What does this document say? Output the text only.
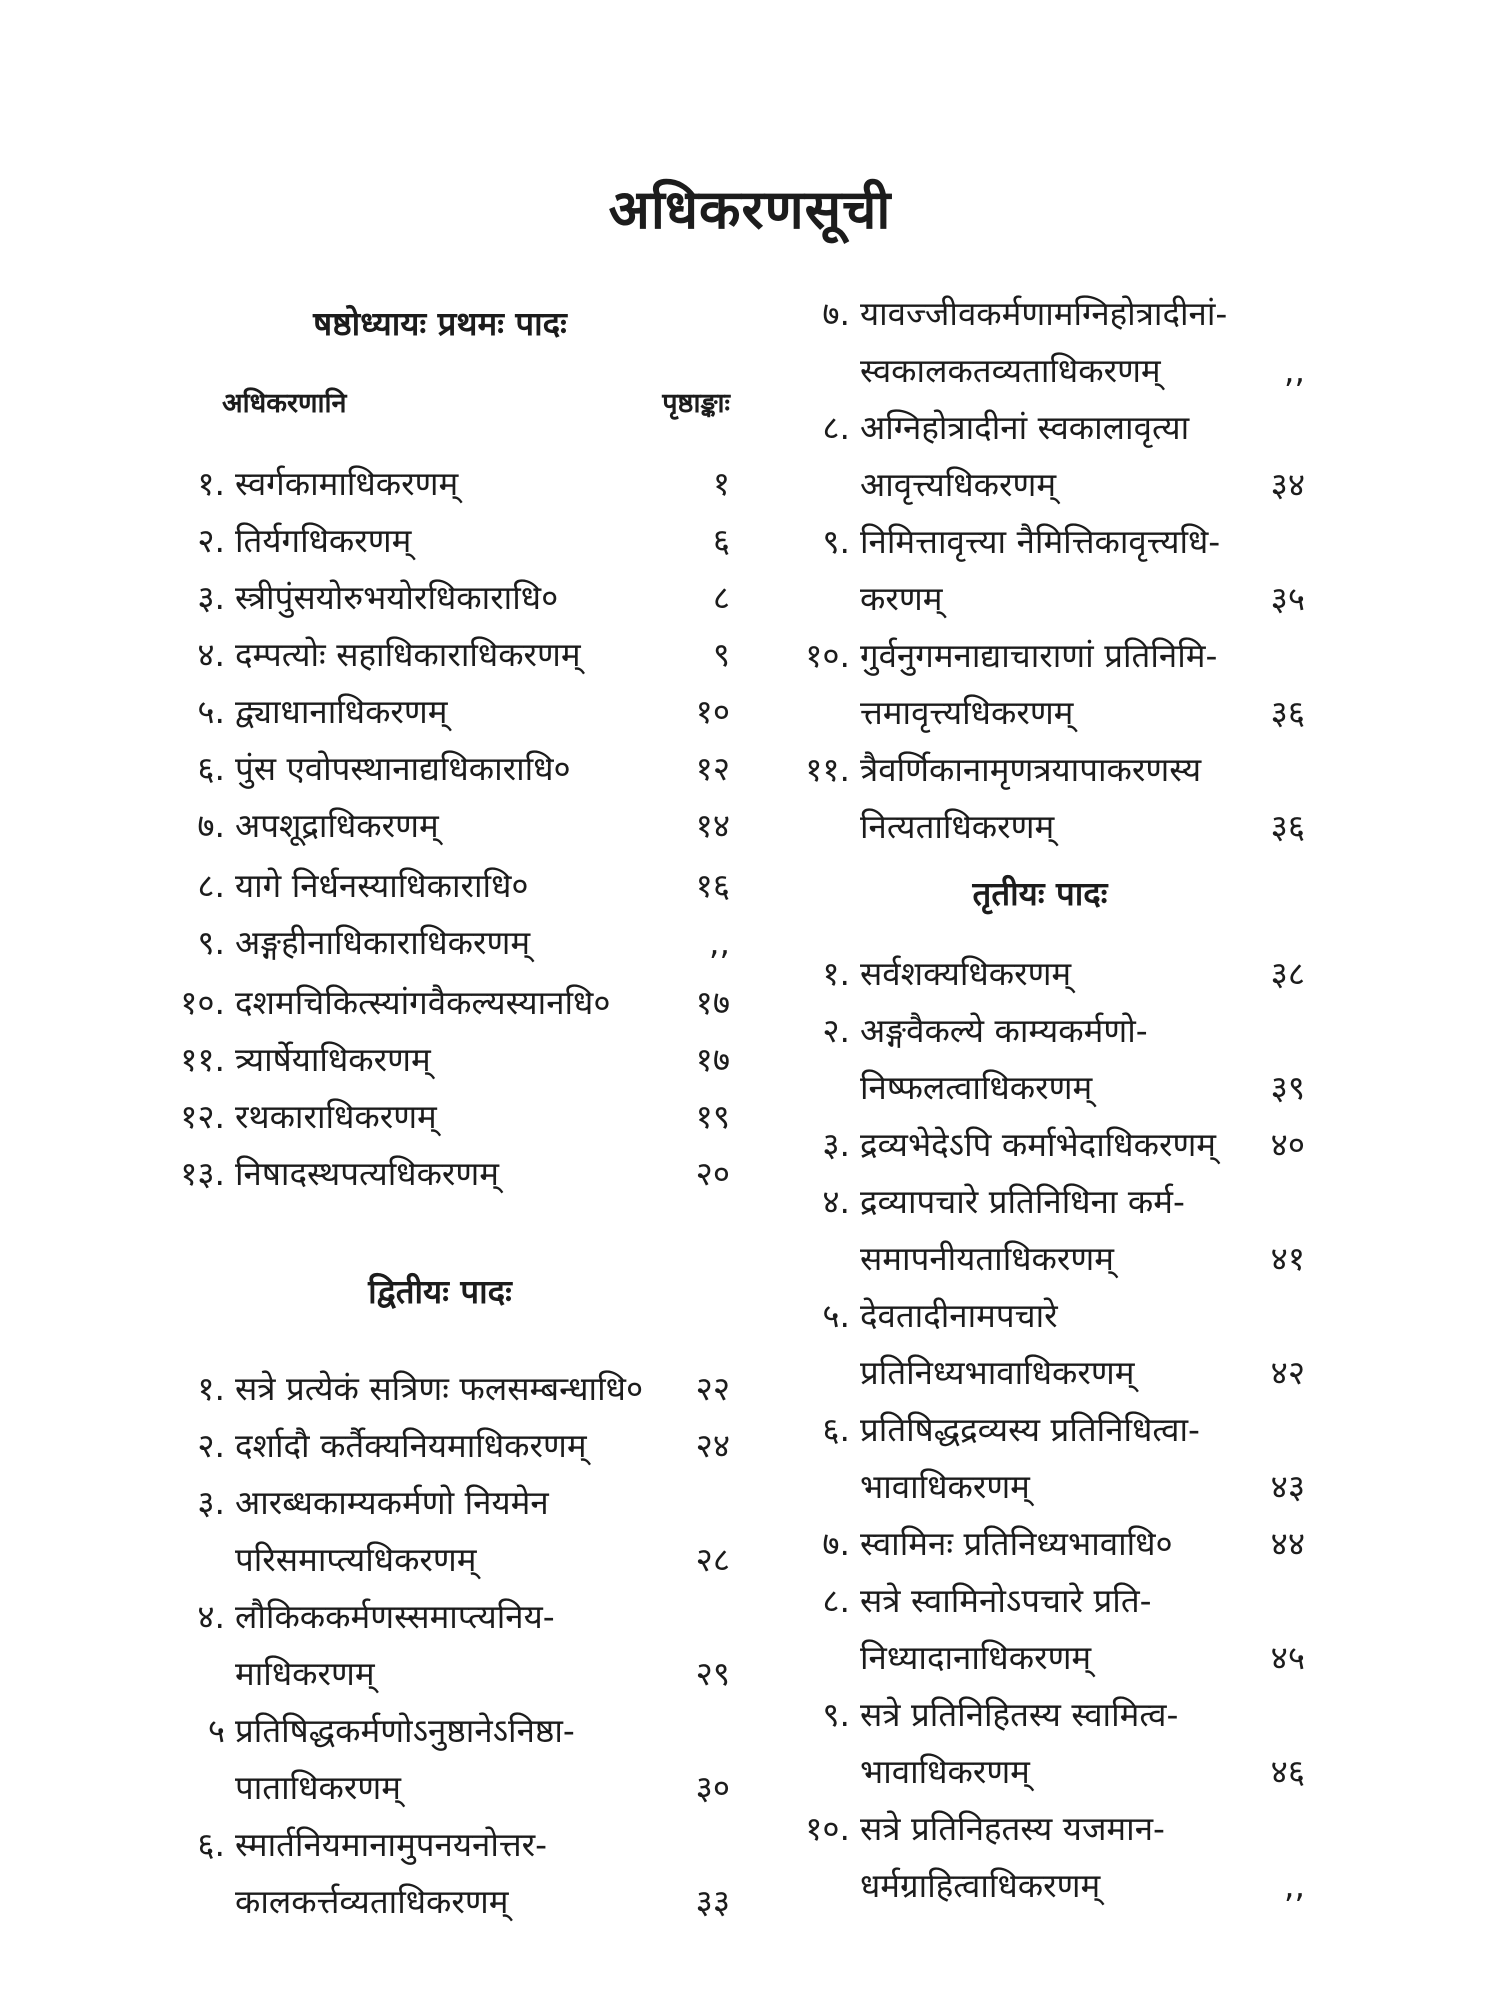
अधिकरणसूची
षष्ठोध्यायः प्रथमः पादः
अधिकरणानि	पृष्ठाङ्काः
१. स्वर्गकामाधिकरणम्	१
२. तिर्यगधिकरणम्	६
३. स्त्रीपुंसयोरुभयोरधिकाराधि०	८
४. दम्पत्योः सहाधिकाराधिकरणम्	९
५. द्व्याधानाधिकरणम्	१०
६. पुंस एवोपस्थानाद्यधिकाराधि०	१२
७. अपशूद्राधिकरणम्	१४
८. यागे निर्धनस्याधिकाराधि०	१६
९. अङ्गहीनाधिकाराधिकरणम्	,,
१०. दशमचिकित्स्यांगवैकल्यस्यानधि०	१७
११. त्र्यार्षेयाधिकरणम्	१७
१२. रथकाराधिकरणम्	१९
१३. निषादस्थपत्यधिकरणम्	२०
द्वितीयः पादः
१. सत्रे प्रत्येकं सत्रिणः फलसम्बन्धाधि० २२
२. दर्शादौ कर्तैक्यनियमाधिकरणम्	२४
३. आरब्धकाम्यकर्मणो नियमेन
परिसमाप्त्यधिकरणम्	२८
४. लौकिककर्मणस्समाप्त्यनिय-
माधिकरणम्	२९
५ प्रतिषिद्धकर्मणोऽनुष्ठानेऽनिष्ठा-
पाताधिकरणम्	३०
६. स्मार्तनियमानामुपनयनोत्तर-
कालकर्त्तव्यताधिकरणम्	३३
७. यावज्जीवकर्मणामग्निहोत्रादीनां-
स्वकालकतव्यताधिकरणम्	,,
८. अग्निहोत्रादीनां स्वकालावृत्या
आवृत्त्यधिकरणम्	३४
९. निमित्तावृत्त्या नैमित्तिकावृत्त्यधि-
करणम्	३५
१०. गुर्वनुगमनाद्याचाराणां प्रतिनिमि-
त्तमावृत्त्यधिकरणम्	३६
११. त्रैवर्णिकानामृणत्रयापाकरणस्य
नित्यताधिकरणम्	३६
तृतीयः पादः
१. सर्वशक्यधिकरणम्	३८
२. अङ्गवैकल्ये काम्यकर्मणो-
निष्फलत्वाधिकरणम्	३९
३. द्रव्यभेदेऽपि कर्माभेदाधिकरणम् ४०
४. द्रव्यापचारे प्रतिनिधिना कर्म-
समापनीयताधिकरणम्	४१
५. देवतादीनामपचारे
प्रतिनिध्यभावाधिकरणम्	४२
६. प्रतिषिद्धद्रव्यस्य प्रतिनिधित्वा-
भावाधिकरणम्	४३
७. स्वामिनः प्रतिनिध्यभावाधि०	४४
८. सत्रे स्वामिनोऽपचारे प्रति-
निध्यादानाधिकरणम्	४५
९. सत्रे प्रतिनिहितस्य स्वामित्व-
भावाधिकरणम्	४६
१०. सत्रे प्रतिनिहतस्य यजमान-
धर्मग्राहित्वाधिकरणम्	,,
